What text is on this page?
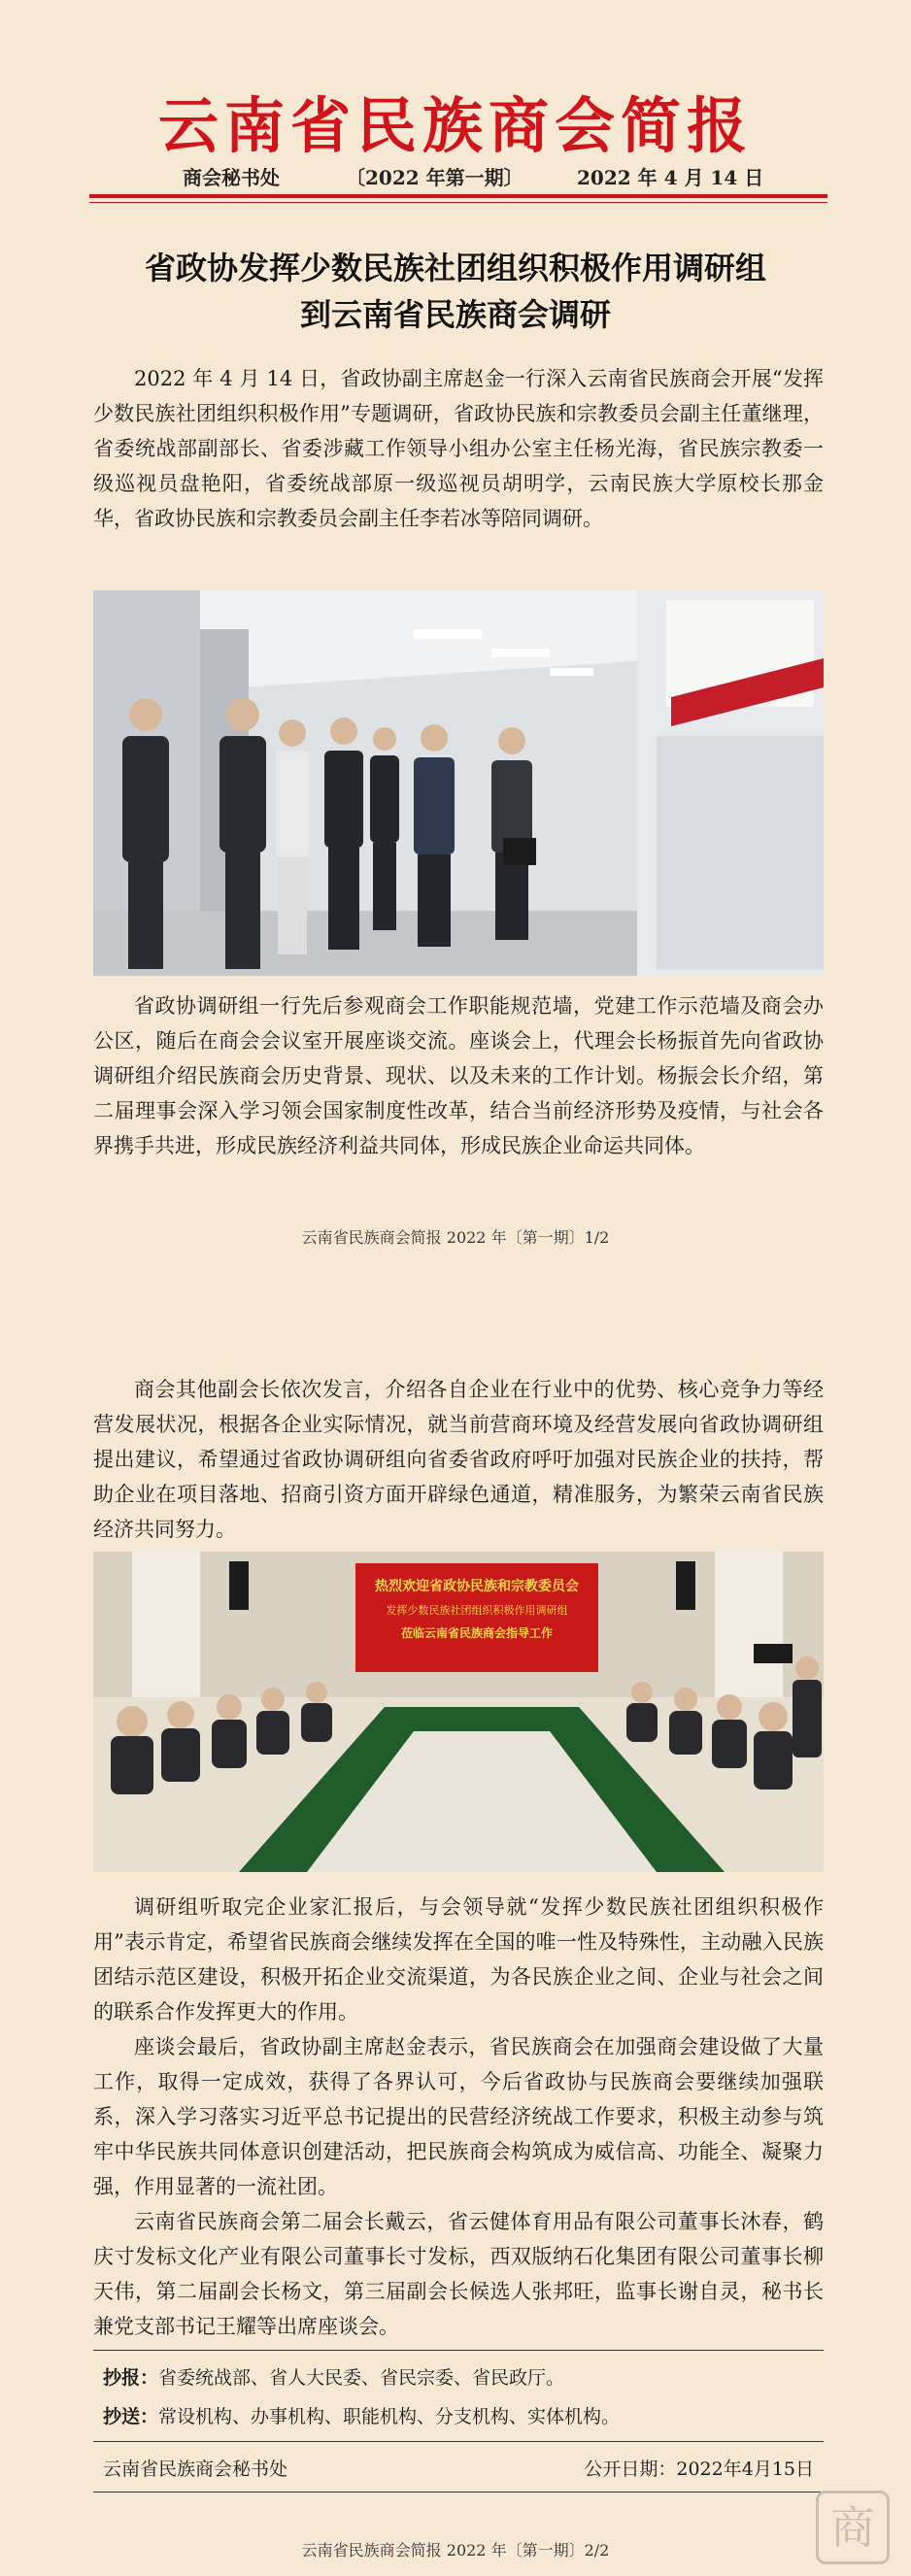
云南省民族商会简报
商会秘书处	〔2022 年第一期〕	2022 年 4 月 14 日
省政协发挥少数民族社团组织积极作用调研组
到云南省民族商会调研

2022 年 4 月 14 日，省政协副主席赵金一行深入云南省民族商会开展“发挥少数民族社团组织积极作用”专题调研，省政协民族和宗教委员会副主任董继理，省委统战部副部长、省委涉藏工作领导小组办公室主任杨光海，省民族宗教委一级巡视员盘艳阳，省委统战部原一级巡视员胡明学，云南民族大学原校长那金华，省政协民族和宗教委员会副主任李若冰等陪同调研。

省政协调研组一行先后参观商会工作职能规范墙，党建工作示范墙及商会办公区，随后在商会会议室开展座谈交流。座谈会上，代理会长杨振首先向省政协调研组介绍民族商会历史背景、现状、以及未来的工作计划。杨振会长介绍，第二届理事会深入学习领会国家制度性改革，结合当前经济形势及疫情，与社会各界携手共进，形成民族经济利益共同体，形成民族企业命运共同体。

云南省民族商会简报 2022 年〔第一期〕1/2

商会其他副会长依次发言，介绍各自企业在行业中的优势、核心竞争力等经营发展状况，根据各企业实际情况，就当前营商环境及经营发展向省政协调研组提出建议，希望通过省政协调研组向省委省政府呼吁加强对民族企业的扶持，帮助企业在项目落地、招商引资方面开辟绿色通道，精准服务，为繁荣云南省民族经济共同努力。

热烈欢迎省政协民族和宗教委员会
发挥少数民族社团组织积极作用调研组
莅临云南省民族商会指导工作

调研组听取完企业家汇报后，与会领导就“发挥少数民族社团组织积极作用”表示肯定，希望省民族商会继续发挥在全国的唯一性及特殊性，主动融入民族团结示范区建设，积极开拓企业交流渠道，为各民族企业之间、企业与社会之间的联系合作发挥更大的作用。

座谈会最后，省政协副主席赵金表示，省民族商会在加强商会建设做了大量工作，取得一定成效，获得了各界认可，今后省政协与民族商会要继续加强联系，深入学习落实习近平总书记提出的民营经济统战工作要求，积极主动参与筑牢中华民族共同体意识创建活动，把民族商会构筑成为威信高、功能全、凝聚力强，作用显著的一流社团。

云南省民族商会第二届会长戴云，省云健体育用品有限公司董事长沐春，鹤庆寸发标文化产业有限公司董事长寸发标，西双版纳石化集团有限公司董事长柳天伟，第二届副会长杨文，第三届副会长候选人张邦旺，监事长谢自灵，秘书长兼党支部书记王耀等出席座谈会。

抄报：省委统战部、省人大民委、省民宗委、省民政厅。
抄送：常设机构、办事机构、职能机构、分支机构、实体机构。
云南省民族商会秘书处	公开日期：2022年4月15日
云南省民族商会简报 2022 年〔第一期〕2/2	商
